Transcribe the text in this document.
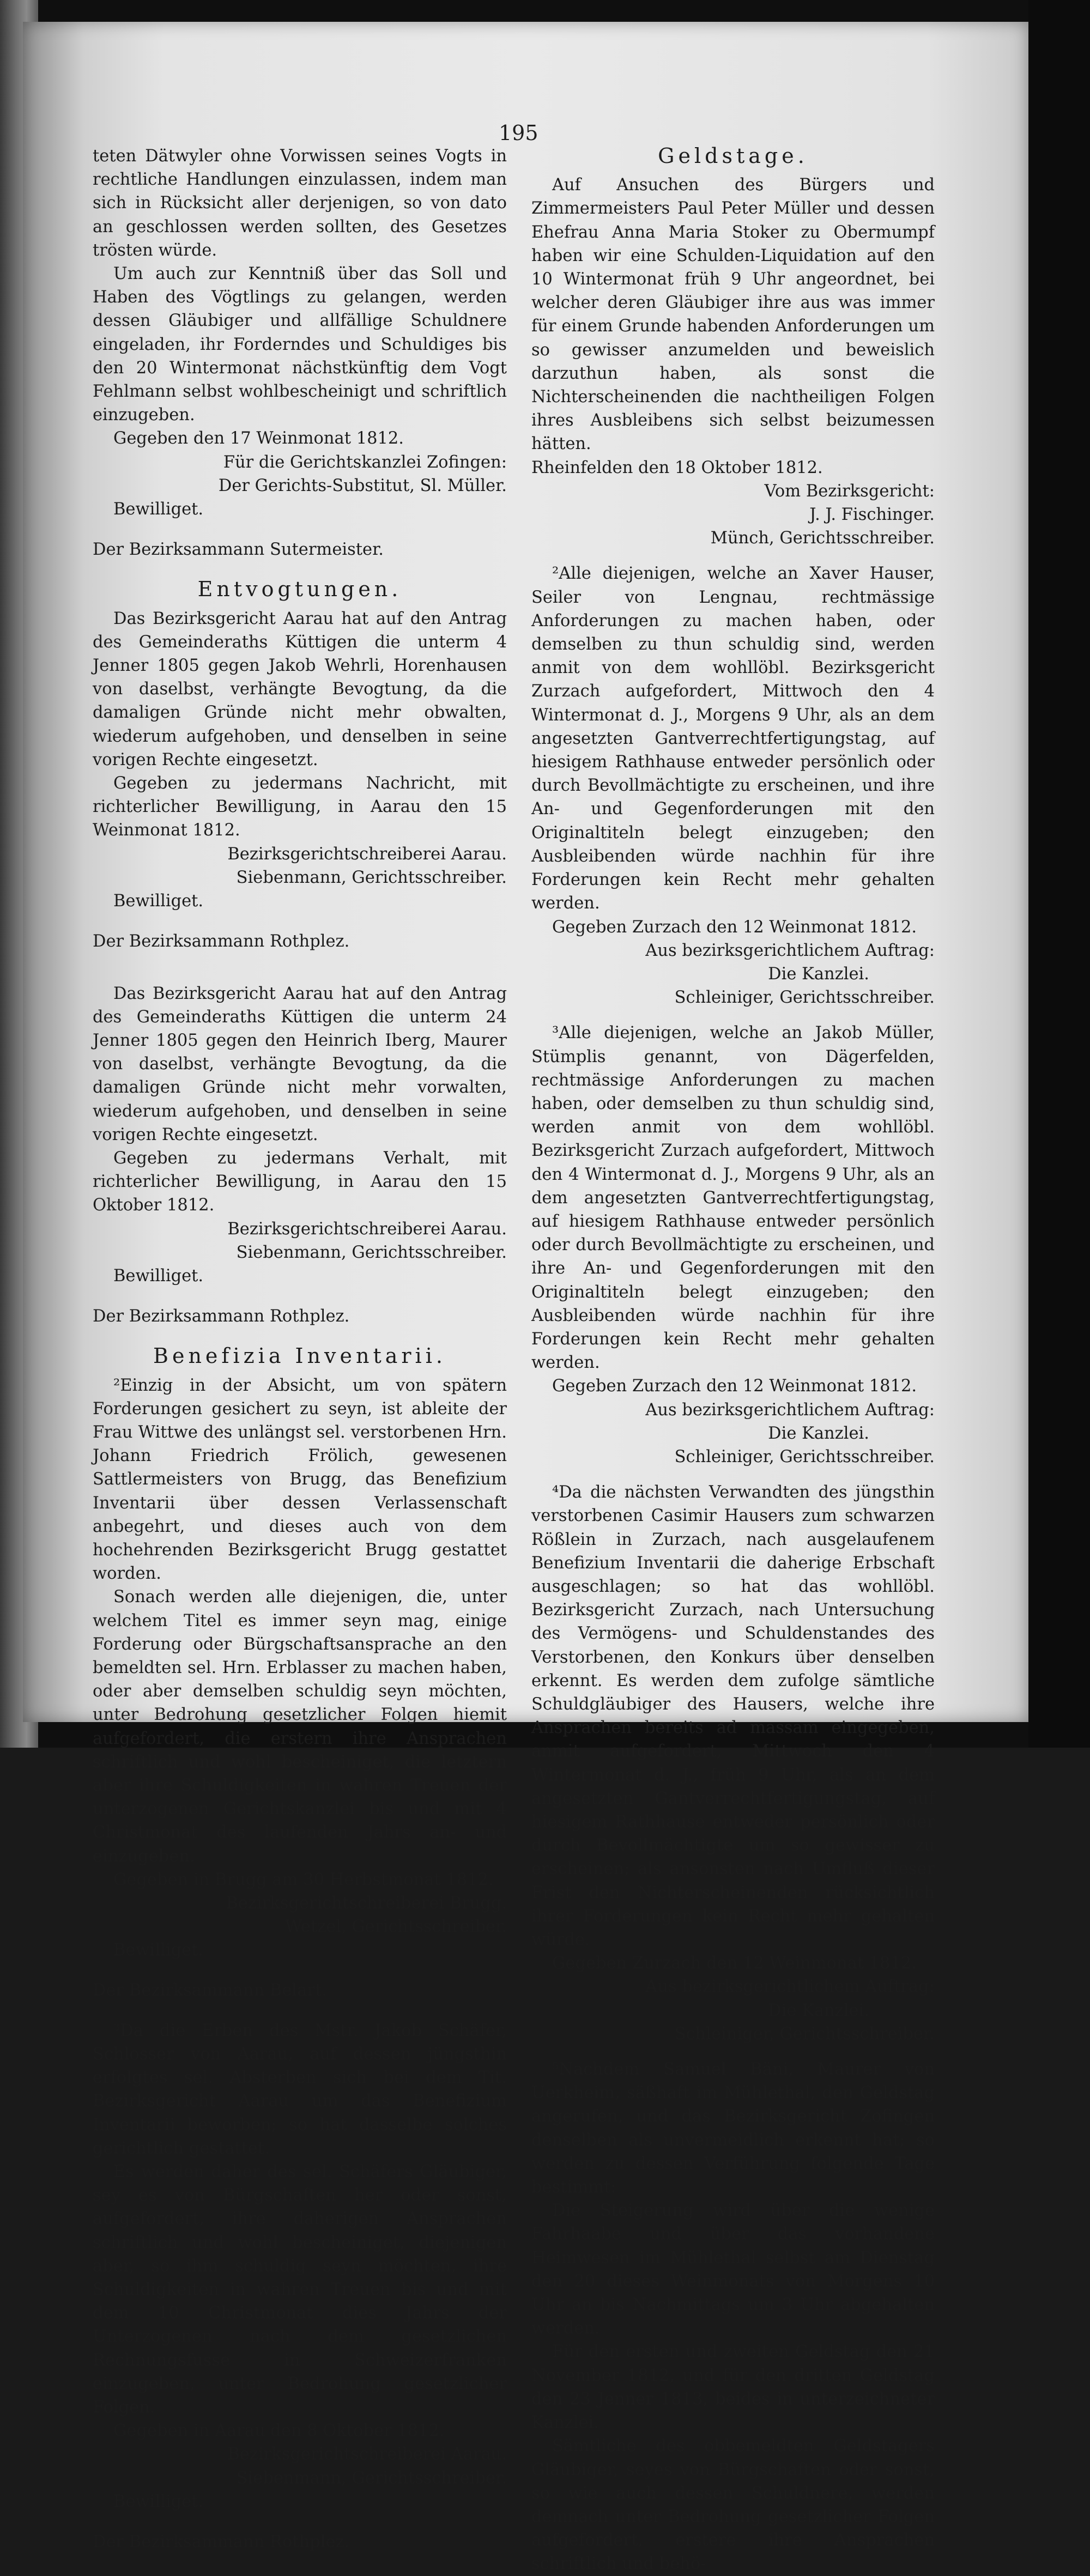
195

teten Dätwyler ohne Vorwissen seines Vogts in rechtliche Handlungen einzulassen, indem man sich in Rücksicht aller derjenigen, so von dato an geschlossen werden sollten, des Gesetzes trösten würde.

Um auch zur Kenntniß über das Soll und Haben des Vögtlings zu gelangen, werden dessen Gläubiger und allfällige Schuldnere eingeladen, ihr Forderndes und Schuldiges bis den 20 Wintermonat nächstkünftig dem Vogt Fehlmann selbst wohlbescheinigt und schriftlich einzugeben.

Gegeben den 17 Weinmonat 1812.

Für die Gerichtskanzlei Zofingen:

Der Gerichts-Substitut, Sl. Müller.

Bewilliget.

Der Bezirksammann Sutermeister.

Entvogtungen.

Das Bezirksgericht Aarau hat auf den Antrag des Gemeinderaths Küttigen die unterm 4 Jenner 1805 gegen Jakob Wehrli, Horenhausen von daselbst, verhängte Bevogtung, da die damaligen Gründe nicht mehr obwalten, wiederum aufgehoben, und denselben in seine vorigen Rechte eingesetzt.

Gegeben zu jedermans Nachricht, mit richterlicher Bewilligung, in Aarau den 15 Weinmonat 1812.

Bezirksgerichtschreiberei Aarau.

Siebenmann, Gerichtsschreiber.

Bewilliget.

Der Bezirksammann Rothplez.

Das Bezirksgericht Aarau hat auf den Antrag des Gemeinderaths Küttigen die unterm 24 Jenner 1805 gegen den Heinrich Iberg, Maurer von daselbst, verhängte Bevogtung, da die damaligen Gründe nicht mehr vorwalten, wiederum aufgehoben, und denselben in seine vorigen Rechte eingesetzt.

Gegeben zu jedermans Verhalt, mit richterlicher Bewilligung, in Aarau den 15 Oktober 1812.

Bezirksgerichtschreiberei Aarau.

Siebenmann, Gerichtsschreiber.

Bewilliget.

Der Bezirksammann Rothplez.

Benefizia Inventarii.

²Einzig in der Absicht, um von spätern Forderungen gesichert zu seyn, ist ableite der Frau Wittwe des unlängst sel. verstorbenen Hrn. Johann Friedrich Frölich, gewesenen Sattlermeisters von Brugg, das Benefizium Inventarii über dessen Verlassenschaft anbegehrt, und dieses auch von dem hochehrenden Bezirksgericht Brugg gestattet worden.

Sonach werden alle diejenigen, die, unter welchem Titel es immer seyn mag, einige Forderung oder Bürgschaftsansprache an den bemeldten sel. Hrn. Erblasser zu machen haben, oder aber demselben schuldig seyn möchten, unter Bedrohung gesetzlicher Folgen hiemit aufgefordert, die erstern ihre Ansprachen schriftlich und wohl bescheiniget, die letztern aber ihre Schuldigkeiten in wahren Treuen der unterzogenen Gerichtskanzlei bis und mit 4 Christmonat des laufenden Jahrs an- und einzugeben.

Gegeben in Brugg am 30 Herbstmonat 1812.

Bezirksgerichtschreiberei Brugg.

Wetzel, Gerichtsschreiber.

Bewilliget.

Der Bezirksammann Belart.

³Da die Erben des Mstr. Jakob Schäfer, Schlosser von Aarau, auf dessen jüngsthin erfolgtes sel. Absterben sich bei dem Tit. Bezirksgericht Aarau um das Benefizium Inventarii beworben; so hat dasselbe solches gerichtlich gestattet.

Es werden daher des sel. Schäfers Gläubiger, sey es von Bürgschaften her oder sonst, aufgefordert, ihre daherigen Ansprachen schriftlich und wohl bescheiniget, diejenigen aber, so ihm schuldig seyn möchten, ihre Schuldigkeiten in wahren Treuen bis und mit dem 10 Christmonat dies Jahrs der Unterzogenen nach dem gesetzlichen Rechnungsfusse in Schweizerfranken einzugeben, unter Bedrohung gesetzlicher Folgen.

Gegeben in Aarau den 8 Oktober 1812.

Bezirksgerichtschreiberei Aarau.

Siebenmann, Gerichtsschreiber.

Bewilliget.

Der Bezirksammann Rothplez.

Geldstage.

Auf Ansuchen des Bürgers und Zimmermeisters Paul Peter Müller und dessen Ehefrau Anna Maria Stoker zu Obermumpf haben wir eine Schulden-Liquidation auf den 10 Wintermonat früh 9 Uhr angeordnet, bei welcher deren Gläubiger ihre aus was immer für einem Grunde habenden Anforderungen um so gewisser anzumelden und beweislich darzuthun haben, als sonst die Nichterscheinenden die nachtheiligen Folgen ihres Ausbleibens sich selbst beizumessen hätten.

Rheinfelden den 18 Oktober 1812.

Vom Bezirksgericht:

J. J. Fischinger.

Münch, Gerichtsschreiber.

²Alle diejenigen, welche an Xaver Hauser, Seiler von Lengnau, rechtmässige Anforderungen zu machen haben, oder demselben zu thun schuldig sind, werden anmit von dem wohllöbl. Bezirksgericht Zurzach aufgefordert, Mittwoch den 4 Wintermonat d. J., Morgens 9 Uhr, als an dem angesetzten Gantverrechtfertigungstag, auf hiesigem Rathhause entweder persönlich oder durch Bevollmächtigte zu erscheinen, und ihre An- und Gegenforderungen mit den Originaltiteln belegt einzugeben; den Ausbleibenden würde nachhin für ihre Forderungen kein Recht mehr gehalten werden.

Gegeben Zurzach den 12 Weinmonat 1812.

Aus bezirksgerichtlichem Auftrag:

Die Kanzlei.

Schleiniger, Gerichtsschreiber.

³Alle diejenigen, welche an Jakob Müller, Stümplis genannt, von Dägerfelden, rechtmässige Anforderungen zu machen haben, oder demselben zu thun schuldig sind, werden anmit von dem wohllöbl. Bezirksgericht Zurzach aufgefordert, Mittwoch den 4 Wintermonat d. J., Morgens 9 Uhr, als an dem angesetzten Gantverrechtfertigungstag, auf hiesigem Rathhause entweder persönlich oder durch Bevollmächtigte zu erscheinen, und ihre An- und Gegenforderungen mit den Originaltiteln belegt einzugeben; den Ausbleibenden würde nachhin für ihre Forderungen kein Recht mehr gehalten werden.

Gegeben Zurzach den 12 Weinmonat 1812.

Aus bezirksgerichtlichem Auftrag:

Die Kanzlei.

Schleiniger, Gerichtsschreiber.

⁴Da die nächsten Verwandten des jüngsthin verstorbenen Casimir Hausers zum schwarzen Rößlein in Zurzach, nach ausgelaufenem Benefizium Inventarii die daherige Erbschaft ausgeschlagen; so hat das wohllöbl. Bezirksgericht Zurzach, nach Untersuchung des Vermögens- und Schuldenstandes des Verstorbenen, den Konkurs über denselben erkennt. Es werden dem zufolge sämtliche Schuldgläubiger des Hausers, welche ihre Ansprachen bereits ad massam eingegeben, anmit aufgefordert, Mittwoch den 4 Wintermonat d. J., früh 9 Uhr, als an dem angesetzten Gantverrechtfertigungstag, auf hiesigem Rathhause entweder persönlich oder durch Bevollmächtigte um so gewisser zu erscheinen; als ansonsten nach Umfluß dieser Frist den Nichterscheinenden rücksichtlich ihrer Forderungen kein Recht mehr gehalten würde.

Gegeben Zurzach den 12 Weinmonat 1812.

Aus bezirksgerichtlichem Auftrag:

Die Kanzlei.

Schleiniger, Gerichtsschreiber.

⁵Nachdem Samuel Bäni, Maurer von Uerkheim, säßhaft im Mühlethal, den Geldstag angerufen, und das Bezirksgericht Zofingen denselben als unvermeidlich erkennt hat; so werden zu dessen Verführung folgende Tage bestimmt:

Die Steigerung wird über die wenige Fahrhaabe und über das vorhandene Heimwesen im Mühlethal selbst am Dienstag den 20 dieses Weinmonats von Morgens 10 Uhr an bis Nachmittags um 3 Uhr abgehalten werden.

Für den ersten und zweiten Geldstag den 21 November 1812, und für den dritten Geldstag den 23 Jenner 1813, beides in unterzeichneter Kanzlei.

Sämtliche des obbemeldten Geldstagers Gläubiger, seyes von Bürgschaften oder sonst, so wie auch dessen Schuldnere, werden demnach unter Bedrohung gesetzlicher Folgen aufgefordert, erstere ihre Ansprachen schriftlich und behö-
